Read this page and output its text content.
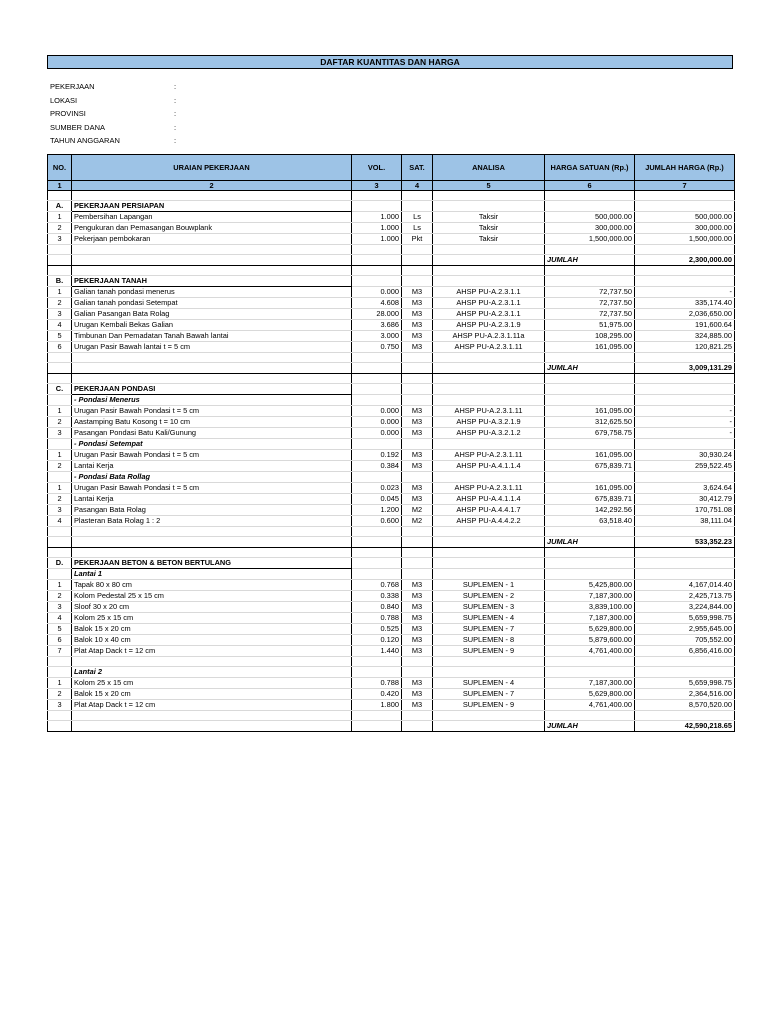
DAFTAR KUANTITAS DAN HARGA
PEKERJAAN	:
LOKASI	:
PROVINSI	:
SUMBER DANA	:
TAHUN ANGGARAN	:
NO.	URAIAN PEKERJAAN	VOL.	SAT.	ANALISA	HARGA SATUAN (Rp.)	JUMLAH HARGA (Rp.)
1	2	3	4	5	6	7

A.	PEKERJAAN PERSIAPAN					
1	Pembersihan Lapangan	1.000	Ls	Taksir	500,000.00	500,000.00
2	Pengukuran dan Pemasangan Bouwplank	1.000	Ls	Taksir	300,000.00	300,000.00
3	Pekerjaan pembokaran	1.000	Pkt	Taksir	1,500,000.00	1,500,000.00

					JUMLAH	2,300,000.00

B.	PEKERJAAN TANAH					
1	Galian tanah pondasi menerus	0.000	M3	AHSP PU-A.2.3.1.1	72,737.50	-
2	Galian tanah pondasi Setempat	4.608	M3	AHSP PU-A.2.3.1.1	72,737.50	335,174.40
3	Galian Pasangan Bata Rolag	28.000	M3	AHSP PU-A.2.3.1.1	72,737.50	2,036,650.00
4	Urugan Kembali Bekas Galian	3.686	M3	AHSP PU-A.2.3.1.9	51,975.00	191,600.64
5	Timbunan Dan Pemadatan Tanah Bawah lantai	3.000	M3	AHSP PU-A.2.3.1.11a	108,295.00	324,885.00
6	Urugan Pasir Bawah lantai t = 5 cm	0.750	M3	AHSP PU-A.2.3.1.11	161,095.00	120,821.25

					JUMLAH	3,009,131.29

C.	PEKERJAAN PONDASI					
	- Pondasi Menerus					
1	Urugan Pasir Bawah Pondasi t = 5 cm	0.000	M3	AHSP PU-A.2.3.1.11	161,095.00	-
2	Aastamping Batu Kosong t = 10 cm	0.000	M3	AHSP PU-A.3.2.1.9	312,625.50	-
3	Pasangan Pondasi Batu Kali/Gunung	0.000	M3	AHSP PU-A.3.2.1.2	679,758.75	-
	- Pondasi Setempat					
1	Urugan Pasir Bawah Pondasi t = 5 cm	0.192	M3	AHSP PU-A.2.3.1.11	161,095.00	30,930.24
2	Lantai Kerja	0.384	M3	AHSP PU-A.4.1.1.4	675,839.71	259,522.45
	- Pondasi Bata Rollag					
1	Urugan Pasir Bawah Pondasi t = 5 cm	0.023	M3	AHSP PU-A.2.3.1.11	161,095.00	3,624.64
2	Lantai Kerja	0.045	M3	AHSP PU-A.4.1.1.4	675,839.71	30,412.79
3	Pasangan Bata Rolag	1.200	M2	AHSP PU-A.4.4.1.7	142,292.56	170,751.08
4	Plasteran Bata Rolag 1 : 2	0.600	M2	AHSP PU-A.4.4.2.2	63,518.40	38,111.04

					JUMLAH	533,352.23

D.	PEKERJAAN BETON & BETON BERTULANG					
	Lantai 1					
1	Tapak 80 x 80 cm	0.768	M3	SUPLEMEN - 1	5,425,800.00	4,167,014.40
2	Kolom Pedestal 25 x 15 cm	0.338	M3	SUPLEMEN - 2	7,187,300.00	2,425,713.75
3	Sloof 30 x 20 cm	0.840	M3	SUPLEMEN - 3	3,839,100.00	3,224,844.00
4	Kolom 25 x 15 cm	0.788	M3	SUPLEMEN - 4	7,187,300.00	5,659,998.75
5	Balok 15 x 20 cm	0.525	M3	SUPLEMEN - 7	5,629,800.00	2,955,645.00
6	Balok 10 x 40 cm	0.120	M3	SUPLEMEN - 8	5,879,600.00	705,552.00
7	Plat Atap Dack t = 12 cm	1.440	M3	SUPLEMEN - 9	4,761,400.00	6,856,416.00

	Lantai 2					
1	Kolom 25 x 15 cm	0.788	M3	SUPLEMEN - 4	7,187,300.00	5,659,998.75
2	Balok 15 x 20 cm	0.420	M3	SUPLEMEN - 7	5,629,800.00	2,364,516.00
3	Plat Atap Dack t = 12 cm	1.800	M3	SUPLEMEN - 9	4,761,400.00	8,570,520.00

					JUMLAH	42,590,218.65
